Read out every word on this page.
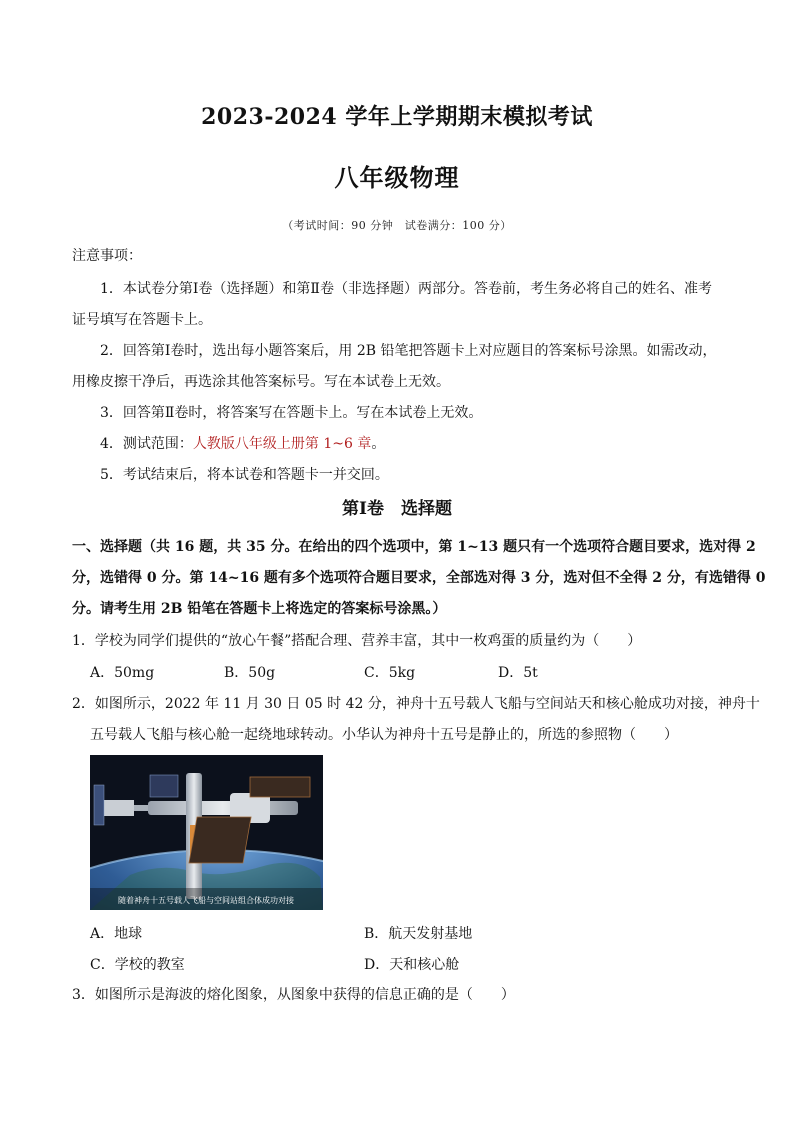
2023-2024 学年上学期期末模拟考试
八年级物理
（考试时间：90 分钟　试卷满分：100 分）
注意事项：
1．本试卷分第Ⅰ卷（选择题）和第Ⅱ卷（非选择题）两部分。答卷前，考生务必将自己的姓名、准考
证号填写在答题卡上。
2．回答第Ⅰ卷时，选出每小题答案后，用 2B 铅笔把答题卡上对应题目的答案标号涂黑。如需改动，
用橡皮擦干净后，再选涂其他答案标号。写在本试卷上无效。
3．回答第Ⅱ卷时，将答案写在答题卡上。写在本试卷上无效。
4．测试范围：人教版八年级上册第 1~6 章。
5．考试结束后，将本试卷和答题卡一并交回。
第Ⅰ卷　选择题
一、选择题（共 16 题，共 35 分。在给出的四个选项中，第 1~13 题只有一个选项符合题目要求，选对得 2
分，选错得 0 分。第 14~16 题有多个选项符合题目要求，全部选对得 3 分，选对但不全得 2 分，有选错得 0
分。请考生用 2B 铅笔在答题卡上将选定的答案标号涂黑。）
1．学校为同学们提供的“放心午餐”搭配合理、营养丰富，其中一枚鸡蛋的质量约为（　　）
A．50mg	B．50g	C．5kg	D．5t
2．如图所示，2022 年 11 月 30 日 05 时 42 分，神舟十五号载人飞船与空间站天和核心舱成功对接，神舟十
五号载人飞船与核心舱一起绕地球转动。小华认为神舟十五号是静止的，所选的参照物（　　）
随着神舟十五号载人飞船与空间站组合体成功对接
A．地球	B．航天发射基地
C．学校的教室	D．天和核心舱
3．如图所示是海波的熔化图象，从图象中获得的信息正确的是（　　）
